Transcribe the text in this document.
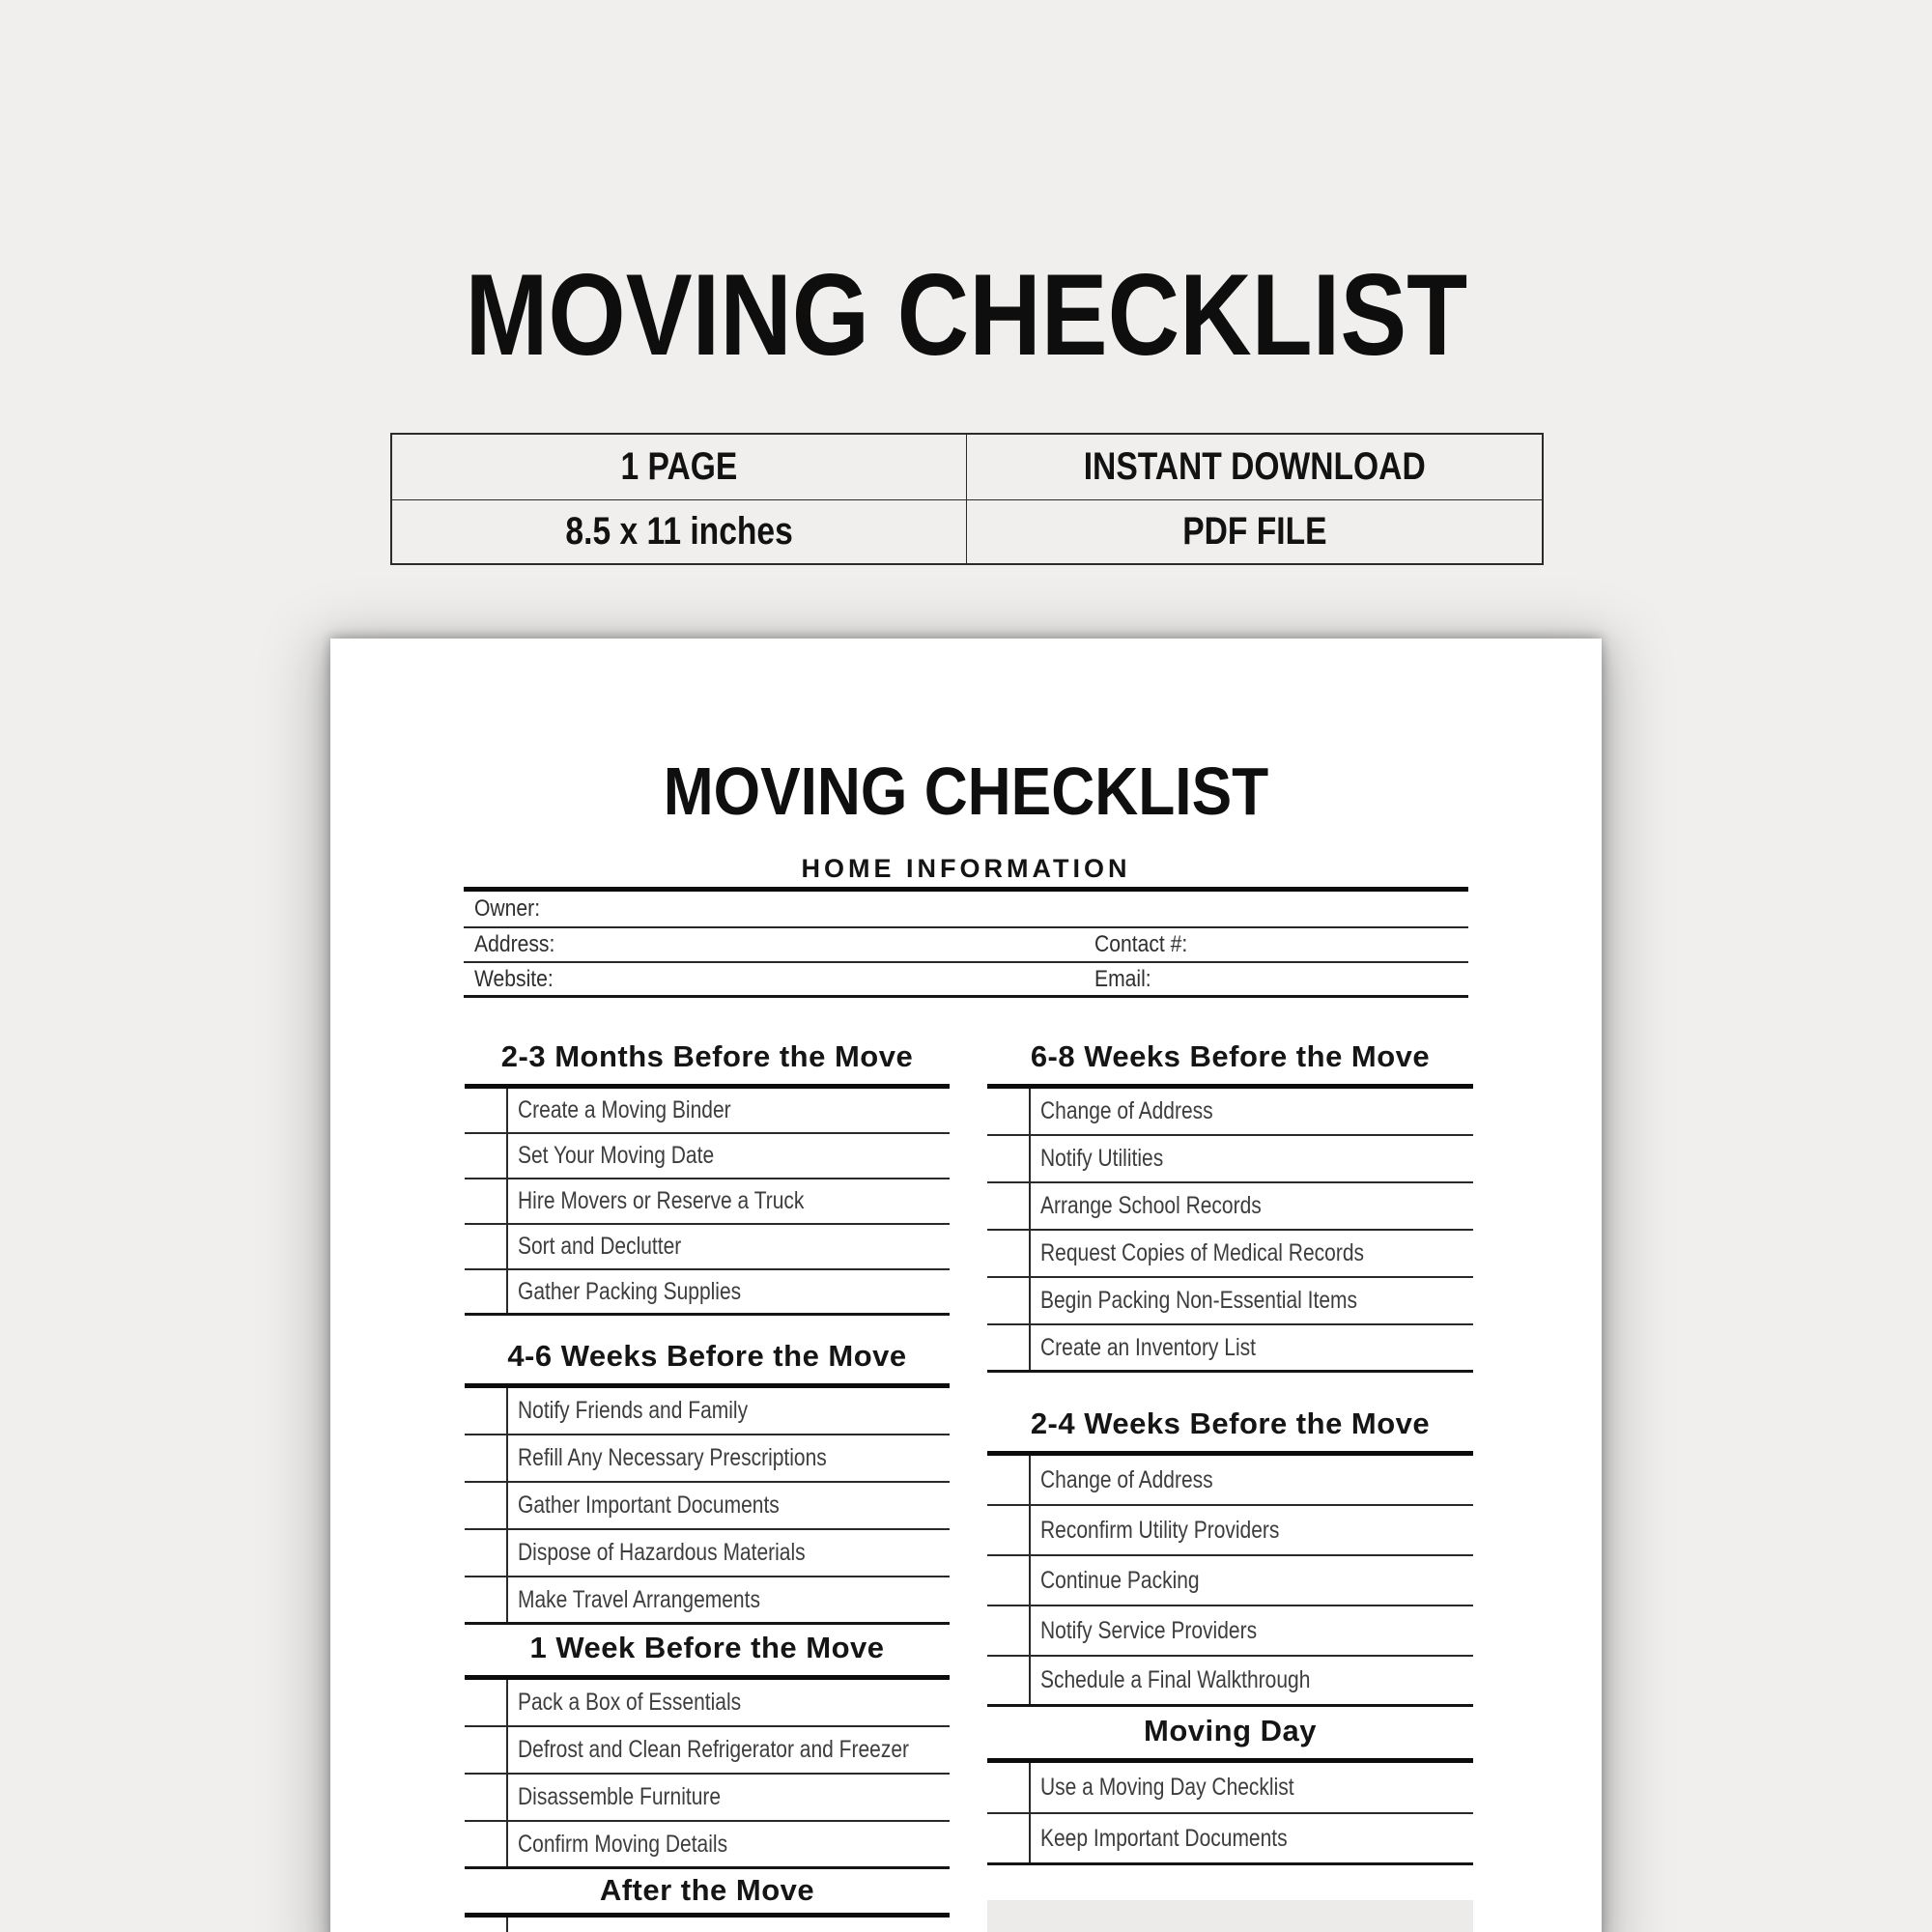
MOVING CHECKLIST
1 PAGE	INSTANT DOWNLOAD
8.5 x 11 inches	PDF FILE
MOVING CHECKLIST
HOME INFORMATION
Owner:
Address:	Contact #:
Website:	Email:
2-3 Months Before the Move
Create a Moving Binder
Set Your Moving Date
Hire Movers or Reserve a Truck
Sort and Declutter
Gather Packing Supplies
4-6 Weeks Before the Move
Notify Friends and Family
Refill Any Necessary Prescriptions
Gather Important Documents
Dispose of Hazardous Materials
Make Travel Arrangements
1 Week Before the Move
Pack a Box of Essentials
Defrost and Clean Refrigerator and Freezer
Disassemble Furniture
Confirm Moving Details
After the Move
6-8 Weeks Before the Move
Change of Address
Notify Utilities
Arrange School Records
Request Copies of Medical Records
Begin Packing Non-Essential Items
Create an Inventory List
2-4 Weeks Before the Move
Change of Address
Reconfirm Utility Providers
Continue Packing
Notify Service Providers
Schedule a Final Walkthrough
Moving Day
Use a Moving Day Checklist
Keep Important Documents
